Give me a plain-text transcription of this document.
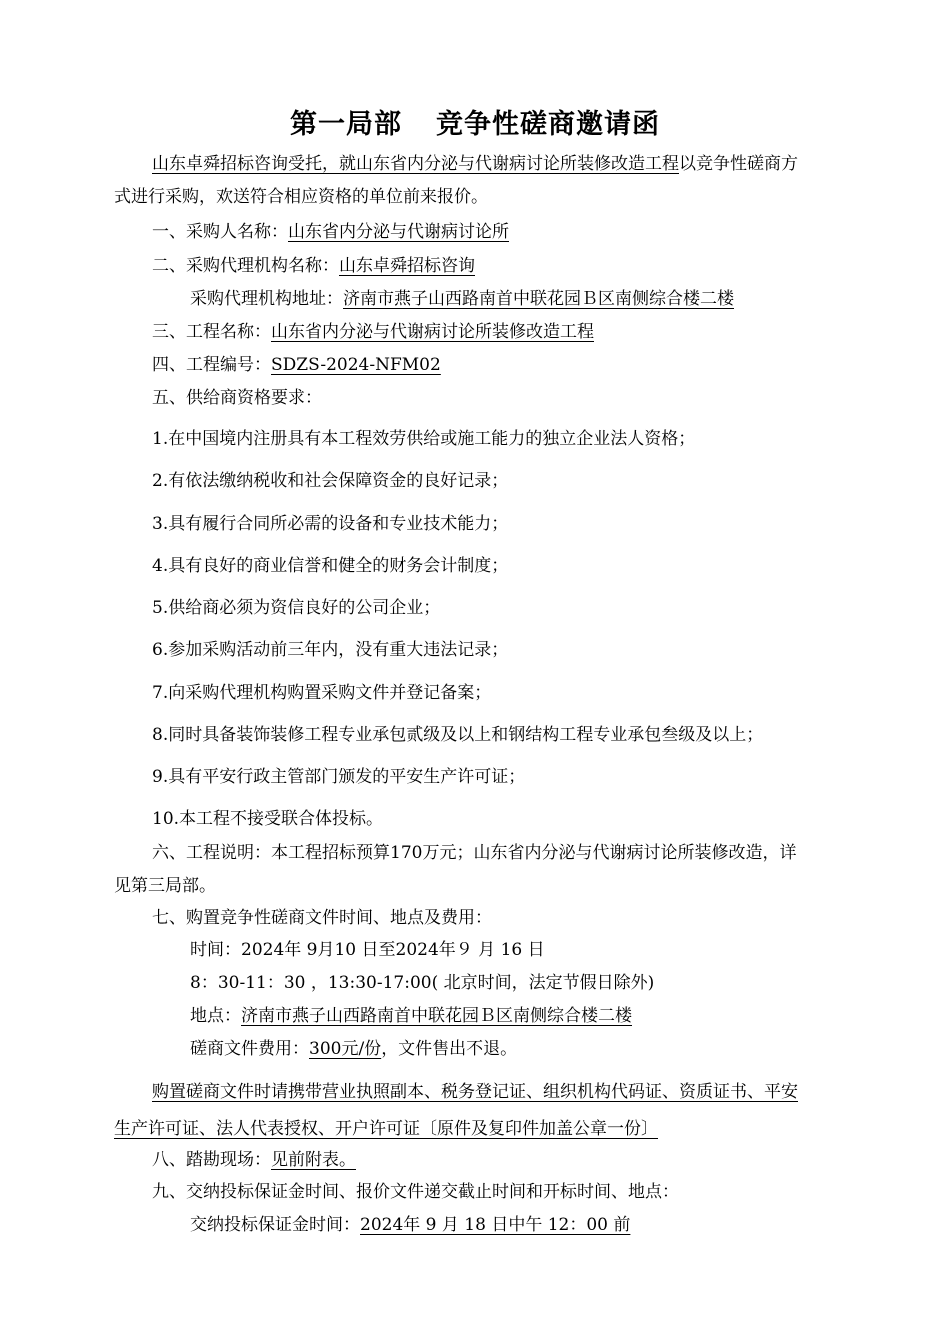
第一局部 竞争性磋商邀请函
山东卓舜招标咨询受托，就山东省内分泌与代谢病讨论所装修改造工程以竞争性磋商方
式进行采购，欢送符合相应资格的单位前来报价。
一、采购人名称：山东省内分泌与代谢病讨论所
二、采购代理机构名称：山东卓舜招标咨询
采购代理机构地址：济南市燕子山西路南首中联花园Ｂ区南侧综合楼二楼
三、工程名称：山东省内分泌与代谢病讨论所装修改造工程
四、工程编号：SDZS-2024-NFM02
五、供给商资格要求：
1.在中国境内注册具有本工程效劳供给或施工能力的独立企业法人资格；
2.有依法缴纳税收和社会保障资金的良好记录；
3.具有履行合同所必需的设备和专业技术能力；
4.具有良好的商业信誉和健全的财务会计制度；
5.供给商必须为资信良好的公司企业；
6.参加采购活动前三年内，没有重大违法记录；
7.向采购代理机构购置采购文件并登记备案；
8.同时具备装饰装修工程专业承包贰级及以上和钢结构工程专业承包叁级及以上；
9.具有平安行政主管部门颁发的平安生产许可证；
10.本工程不接受联合体投标。
六、工程说明：本工程招标预算170万元；山东省内分泌与代谢病讨论所装修改造，详
见第三局部。
七、购置竞争性磋商文件时间、地点及费用：
时间：2024年 9月10 日至2024年９ 月 16 日
8：30-11：30 ，13:30-17:00( 北京时间，法定节假日除外)
地点：济南市燕子山西路南首中联花园Ｂ区南侧综合楼二楼
磋商文件费用：300元/份，文件售出不退。
购置磋商文件时请携带营业执照副本、税务登记证、组织机构代码证、资质证书、平安
生产许可证、法人代表授权、开户许可证〔原件及复印件加盖公章一份〕
八、踏勘现场：见前附表。
九、交纳投标保证金时间、报价文件递交截止时间和开标时间、地点：
交纳投标保证金时间：2024年 9 月 18 日中午 12：00 前
